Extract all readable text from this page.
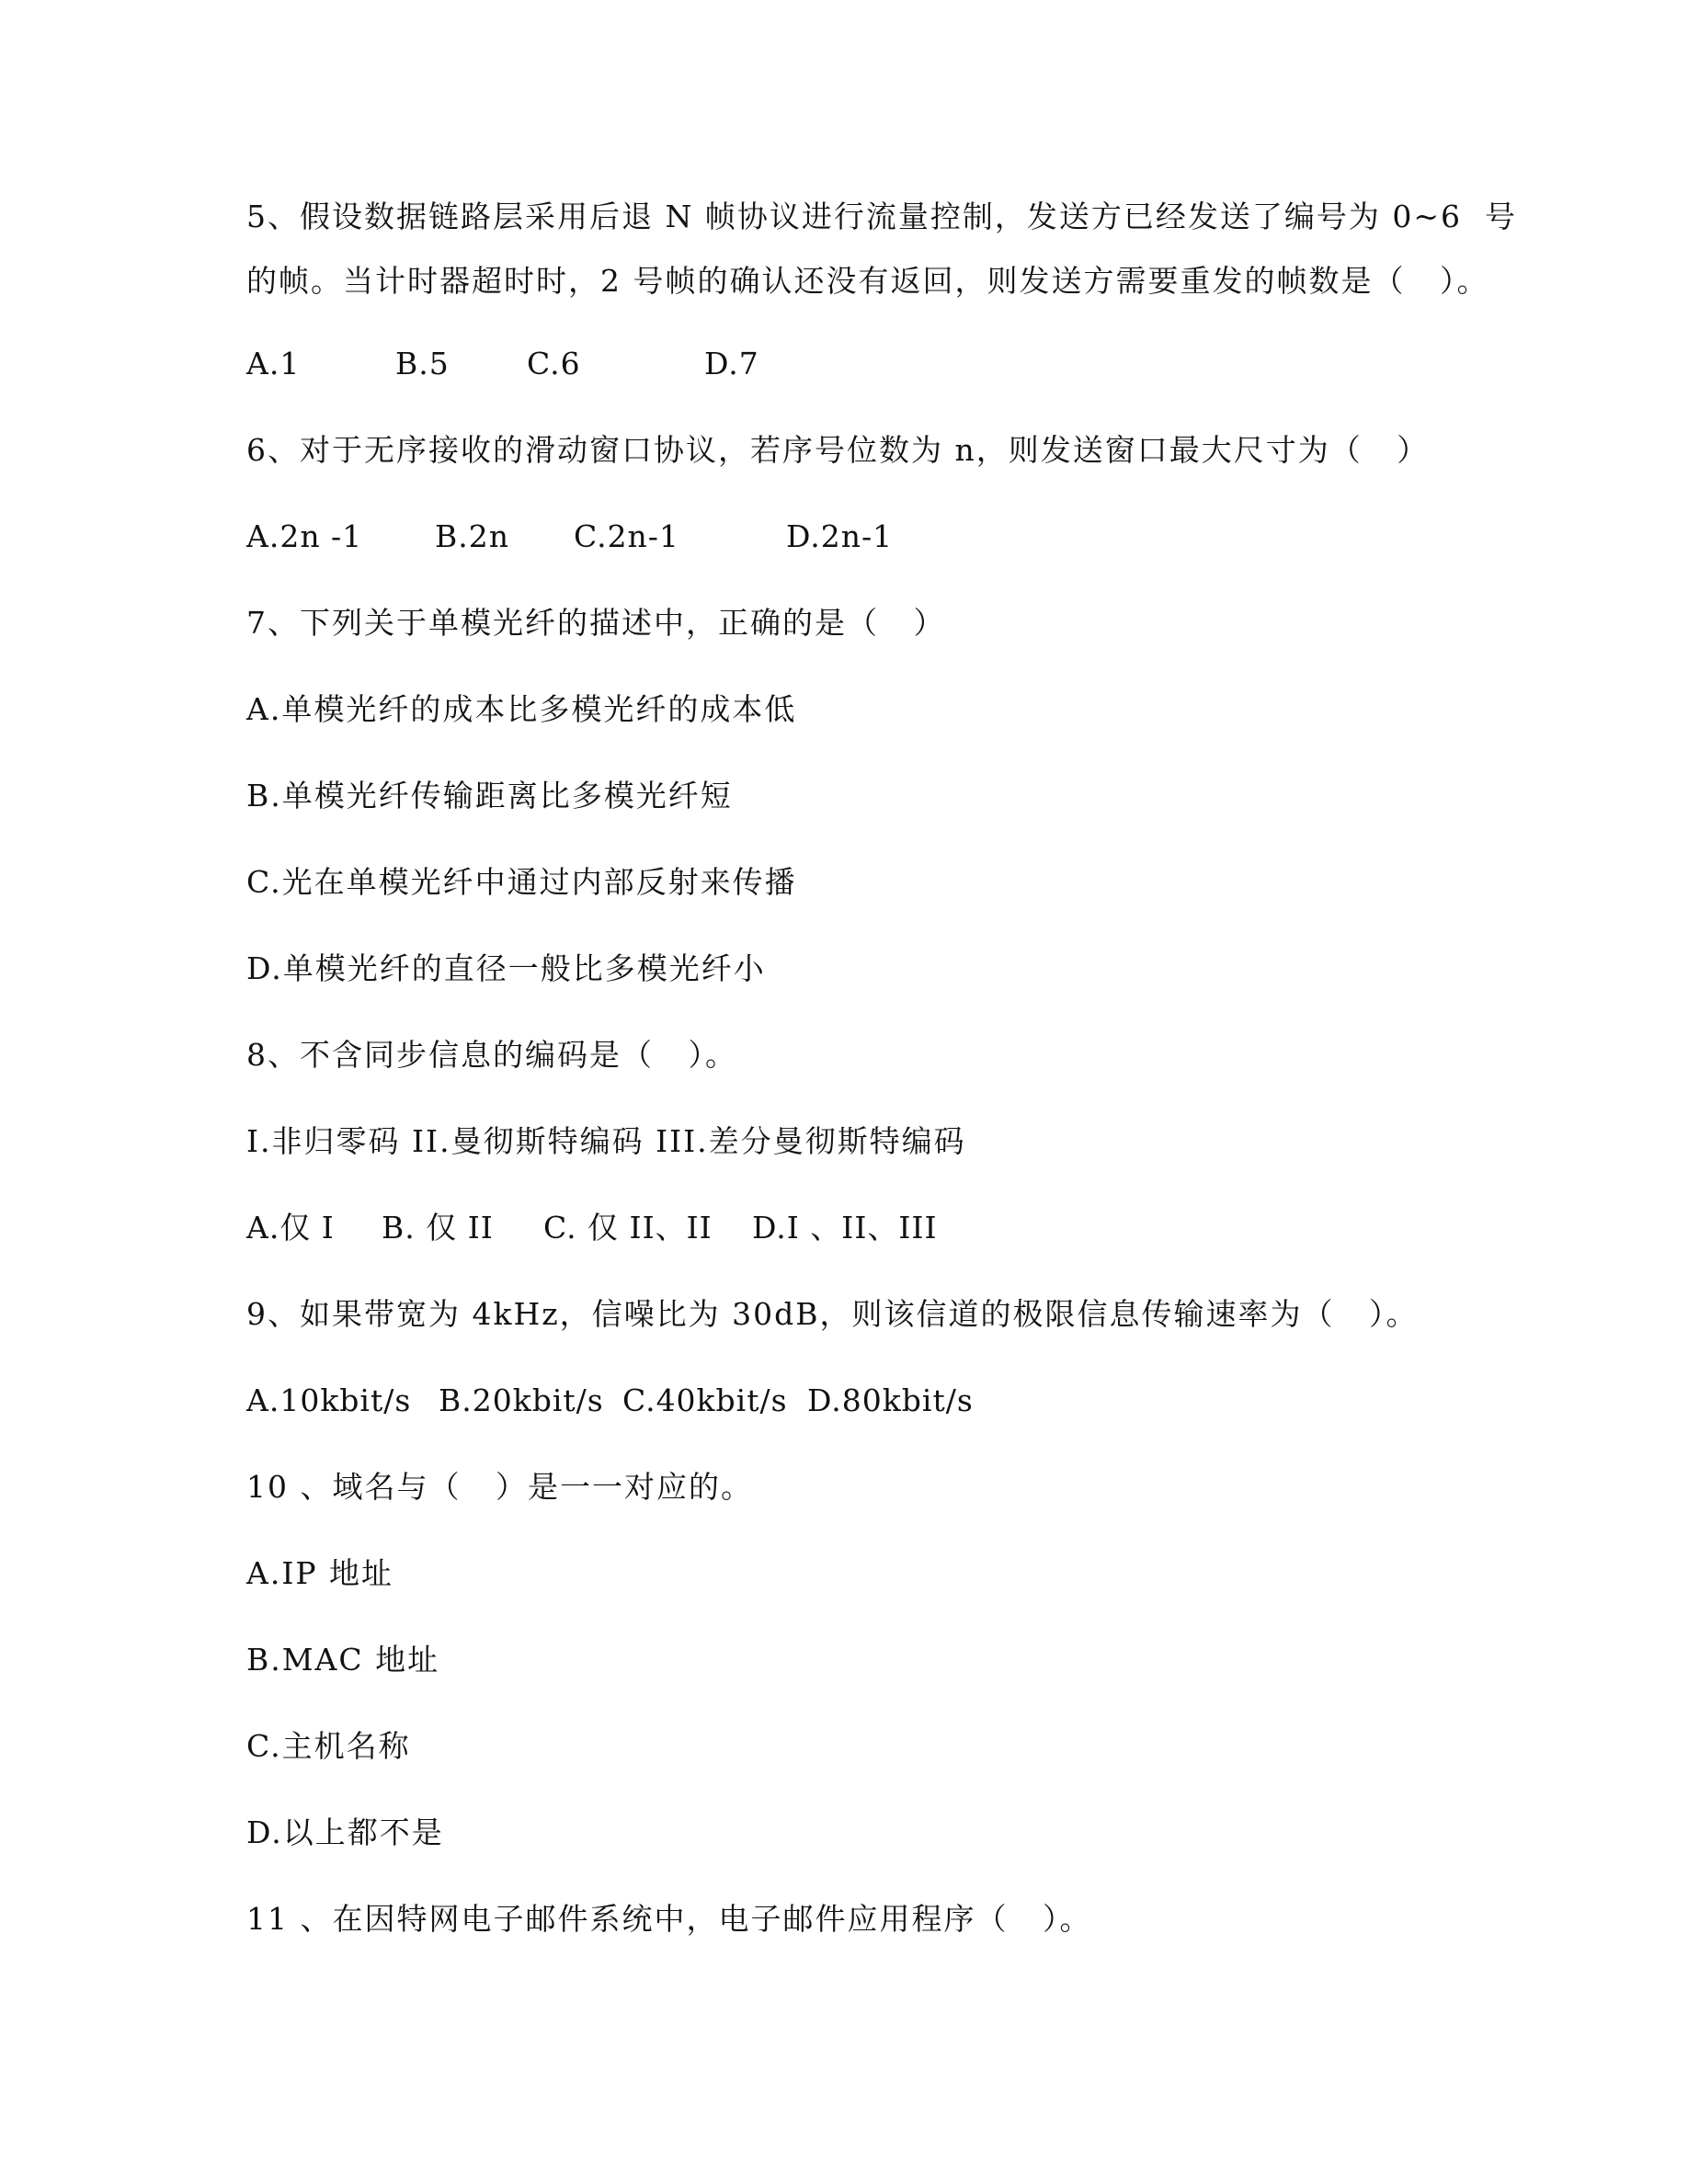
5、假设数据链路层采用后退 N 帧协议进行流量控制，发送方已经发送了编号为 0~6  号
的帧。当计时器超时时，2 号帧的确认还没有返回，则发送方需要重发的帧数是（   ）。
A.1	B.5	C.6	D.7
6、对于无序接收的滑动窗口协议，若序号位数为 n，则发送窗口最大尺寸为（   ）
A.2n -1 B.2n C.2n-1	D.2n-1
7、下列关于单模光纤的描述中，正确的是（   ）
A.单模光纤的成本比多模光纤的成本低
B.单模光纤传输距离比多模光纤短
C.光在单模光纤中通过内部反射来传播
D.单模光纤的直径一般比多模光纤小
8、不含同步信息的编码是（   ）。
I.非归零码 II.曼彻斯特编码 III.差分曼彻斯特编码
A.仅 I B. 仅 II C. 仅 II、II D.I 、II、III
9、如果带宽为 4kHz，信噪比为 30dB，则该信道的极限信息传输速率为（   ）。
A.10kbit/s B.20kbit/s C.40kbit/s D.80kbit/s
10 、域名与（   ）是一一对应的。
A.IP 地址
B.MAC 地址
C.主机名称
D.以上都不是
11 、在因特网电子邮件系统中，电子邮件应用程序（   ）。
